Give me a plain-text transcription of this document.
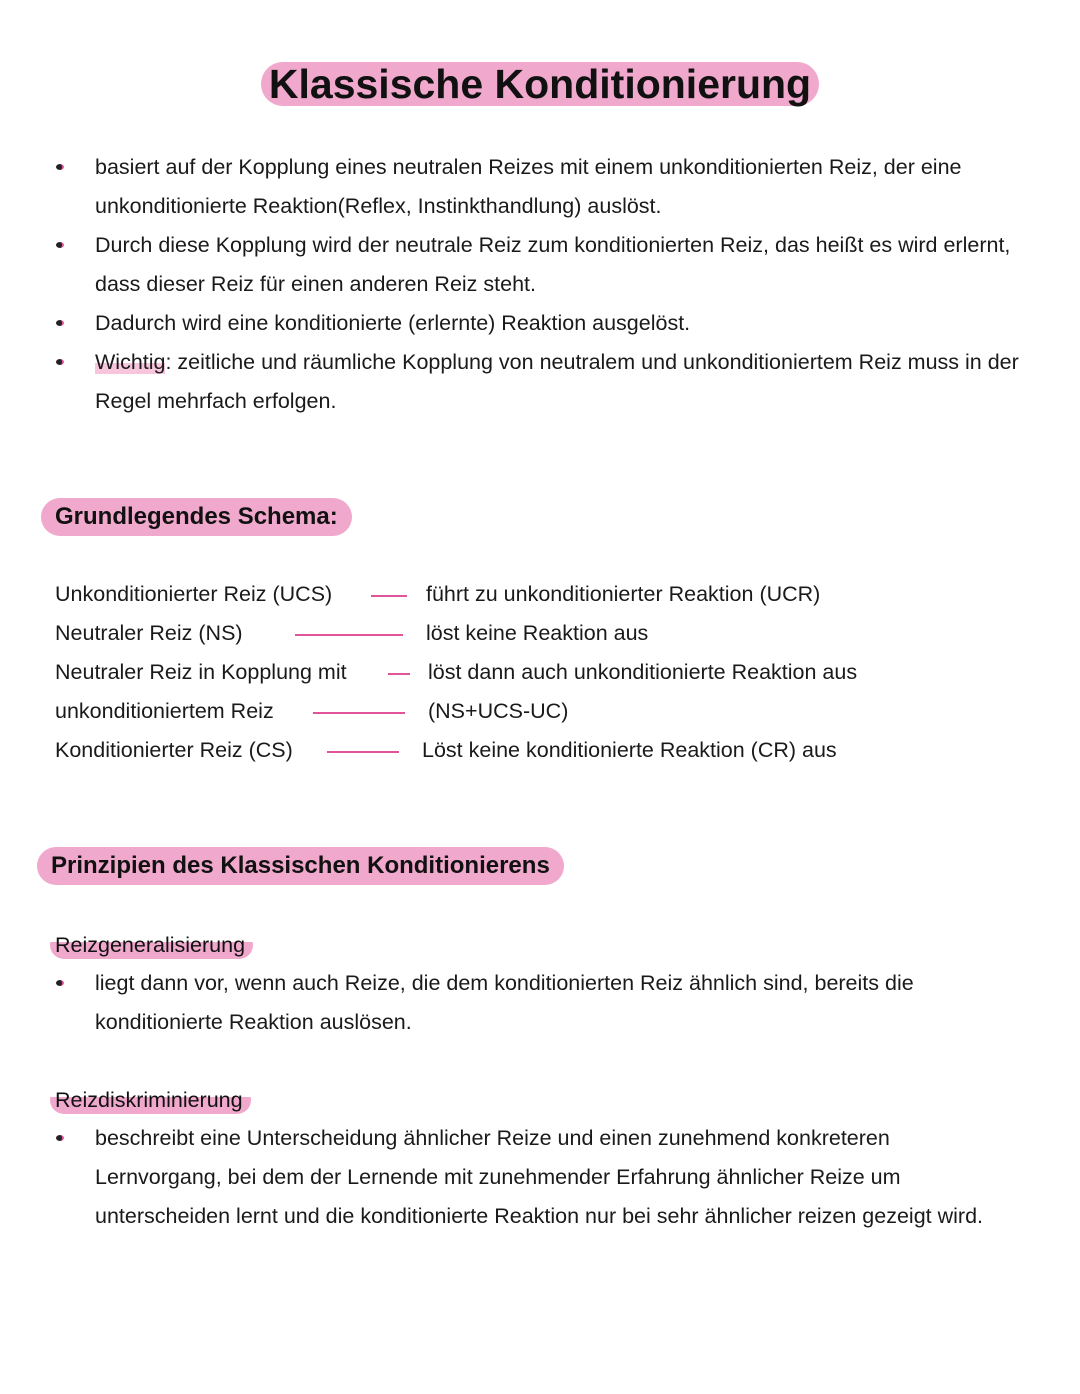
Klassische Konditionierung
basiert auf der Kopplung eines neutralen Reizes mit einem unkonditionierten Reiz, der eine unkonditionierte Reaktion(Reflex, Instinkthandlung) auslöst.
Durch diese Kopplung wird der neutrale Reiz zum konditionierten Reiz, das heißt es wird erlernt, dass dieser Reiz für einen anderen Reiz steht.
Dadurch wird eine konditionierte (erlernte) Reaktion ausgelöst.
Wichtig: zeitliche und räumliche Kopplung von neutralem und unkonditioniertem Reiz muss in der Regel mehrfach erfolgen.
Grundlegendes Schema:
Unkonditionierter Reiz (UCS)	führt zu unkonditionierter Reaktion (UCR)
Neutraler Reiz (NS)	löst keine Reaktion aus
Neutraler Reiz in Kopplung mit	löst dann auch unkonditionierte Reaktion aus
unkonditioniertem Reiz	(NS+UCS-UC)
Konditionierter Reiz (CS)	Löst keine konditionierte Reaktion (CR) aus
Prinzipien des Klassischen Konditionierens
Reizgeneralisierung
liegt dann vor, wenn auch Reize, die dem konditionierten Reiz ähnlich sind, bereits die konditionierte Reaktion auslösen.
Reizdiskriminierung
beschreibt eine Unterscheidung ähnlicher Reize und einen zunehmend konkreteren Lernvorgang, bei dem der Lernende mit zunehmender Erfahrung ähnlicher Reize um unterscheiden lernt und die konditionierte Reaktion nur bei sehr ähnlicher reizen gezeigt wird.
